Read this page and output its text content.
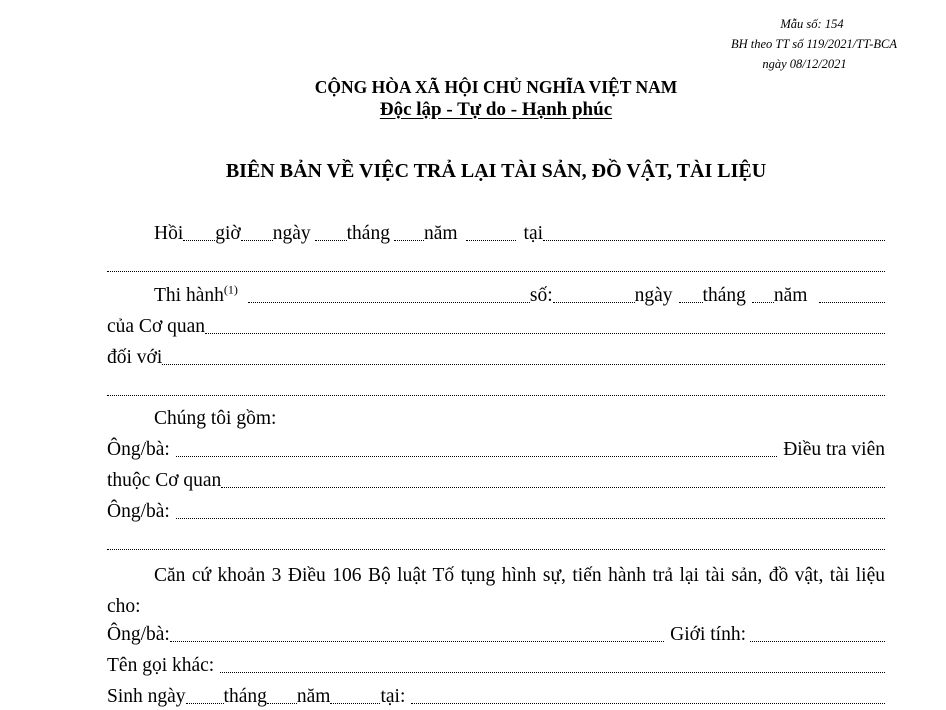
Mẫu số: 154
BH theo TT số 119/2021/TT-BCA
ngày 08/12/2021
CỘNG HÒA XÃ HỘI CHỦ NGHĨA VIỆT NAM
Độc lập - Tự do - Hạnh phúc
BIÊN BẢN VỀ VIỆC TRẢ LẠI TÀI SẢN, ĐỒ VẬT, TÀI LIỆU
Hồi giờ ngày tháng năm	tại
Thi hành$^{(1)}$	số:	ngày tháng năm
của Cơ quan
đối với
Chúng tôi gồm:
Ông/bà:	Điều tra viên
thuộc Cơ quan
Ông/bà:
Căn cứ khoản 3 Điều 106 Bộ luật Tố tụng hình sự, tiến hành trả lại tài sản, đồ vật, tài liệu cho:
Ông/bà:	Giới tính:
Tên gọi khác:
Sinh ngày tháng năm	tại:
